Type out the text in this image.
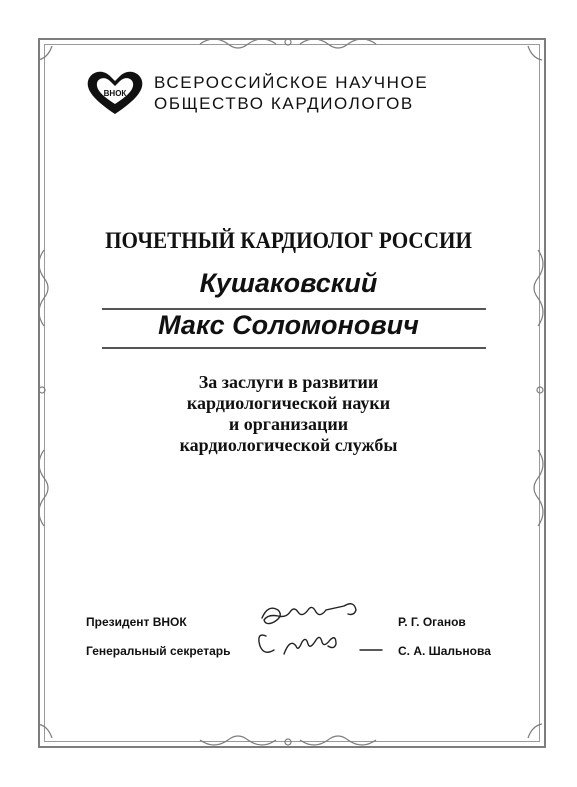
ВНОК
ВСЕРОССИЙСКОЕ НАУЧНОЕ
ОБЩЕСТВО КАРДИОЛОГОВ
ПОЧЕТНЫЙ КАРДИОЛОГ РОССИИ
Кушаковский
Макс Соломонович
За заслуги в развитии
кардиологической науки
и организации
кардиологической службы
Президент ВНОК
Генеральный секретарь
Р. Г. Оганов
С. А. Шальнова
